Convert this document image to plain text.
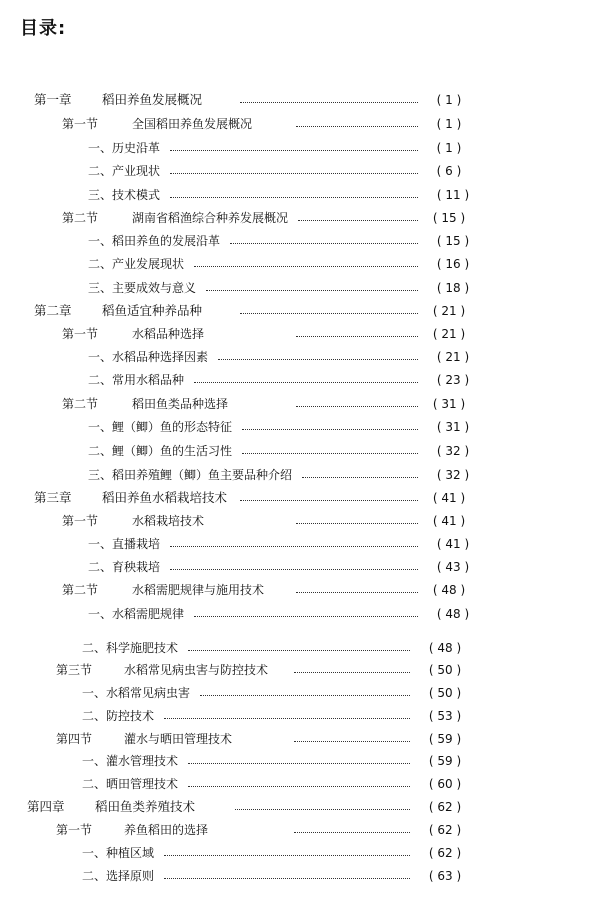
目录:
第一章 稻田养鱼发展概况	( 1 )
第一节	全国稻田养鱼发展概况	( 1 )
一、历史沿革	( 1 )
二、产业现状	( 6 )
三、技术模式	( 11 )
第二节	湖南省稻渔综合种养发展概况	( 15 )
一、稻田养鱼的发展沿革	( 15 )
二、产业发展现状	( 16 )
三、主要成效与意义	( 18 )
第二章 稻鱼适宜种养品种	( 21 )
第一节	水稻品种选择	( 21 )
一、水稻品种选择因素	( 21 )
二、常用水稻品种	( 23 )
第二节	稻田鱼类品种选择	( 31 )
一、鲤（鲫）鱼的形态特征	( 31 )
二、鲤（鲫）鱼的生活习性	( 32 )
三、稻田养殖鲤（鲫）鱼主要品种介绍	( 32 )
第三章 稻田养鱼水稻栽培技术	( 41 )
第一节	水稻栽培技术	( 41 )
一、直播栽培	( 41 )
二、育秧栽培	( 43 )
第二节	水稻需肥规律与施用技术	( 48 )
一、水稻需肥规律	( 48 )
二、科学施肥技术	( 48 )
第三节	水稻常见病虫害与防控技术	( 50 )
一、水稻常见病虫害	( 50 )
二、防控技术	( 53 )
第四节	灌水与晒田管理技术	( 59 )
一、灌水管理技术	( 59 )
二、晒田管理技术	( 60 )
第四章 稻田鱼类养殖技术	( 62 )
第一节	养鱼稻田的选择	( 62 )
一、种植区域	( 62 )
二、选择原则	( 63 )
